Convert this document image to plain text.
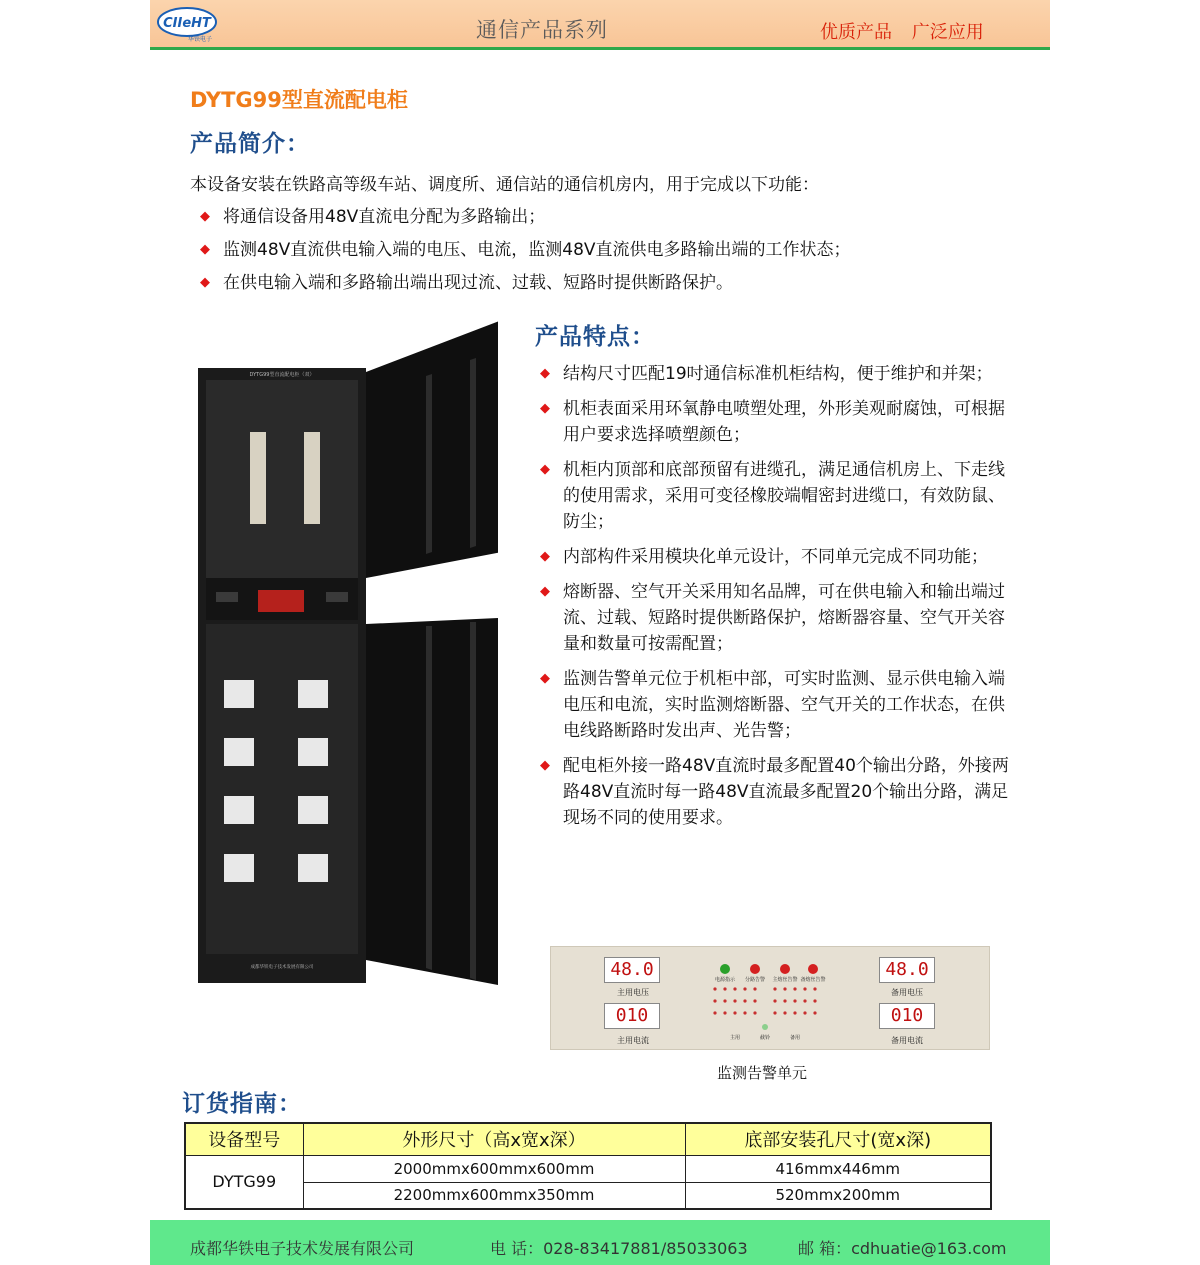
CIIeHT
华铁电子	通信产品系列	优质产品 广泛应用
DYTG99型直流配电柜
产品简介：
本设备安装在铁路高等级车站、调度所、通信站的通信机房内，用于完成以下功能：
◆ 将通信设备用48V直流电分配为多路输出；
◆ 监测48V直流供电输入端的电压、电流，监测48V直流供电多路输出端的工作状态；
◆ 在供电输入端和多路输出端出现过流、过载、短路时提供断路保护。
DYTG99型直流配电柜（双）
成都华铁电子技术发展有限公司
产品特点：
◆ 结构尺寸匹配19吋通信标准机柜结构，便于维护和并架；
◆ 机柜表面采用环氧静电喷塑处理，外形美观耐腐蚀，可根据用户要求选择喷塑颜色；
◆ 机柜内顶部和底部预留有进缆孔，满足通信机房上、下走线的使用需求，采用可变径橡胶端帽密封进缆口，有效防鼠、防尘；
◆ 内部构件采用模块化单元设计，不同单元完成不同功能；
◆ 熔断器、空气开关采用知名品牌，可在供电输入和输出端过流、过载、短路时提供断路保护，熔断器容量、空气开关容量和数量可按需配置；
◆ 监测告警单元位于机柜中部，可实时监测、显示供电输入端电压和电流，实时监测熔断器、空气开关的工作状态，在供电线路断路时发出声、光告警；
◆ 配电柜外接一路48V直流时最多配置40个输出分路，外接两路48V直流时每一路48V直流最多配置20个输出分路，满足现场不同的使用要求。
48.0
主用电压
010
主用电流
48.0
备用电压
010
备用电流
电源指示 分路告警 主熔丝告警 备熔丝告警
主用	截铃	备用
监测告警单元
订货指南：
设备型号	外形尺寸（高x宽x深）	底部安装孔尺寸(宽x深)
DYTG99	2000mmx600mmx600mm	416mmx446mm
	2200mmx600mmx350mm	520mmx200mm
成都华铁电子技术发展有限公司	电 话：028-83417881/85033063	邮 箱：cdhuatie@163.com
